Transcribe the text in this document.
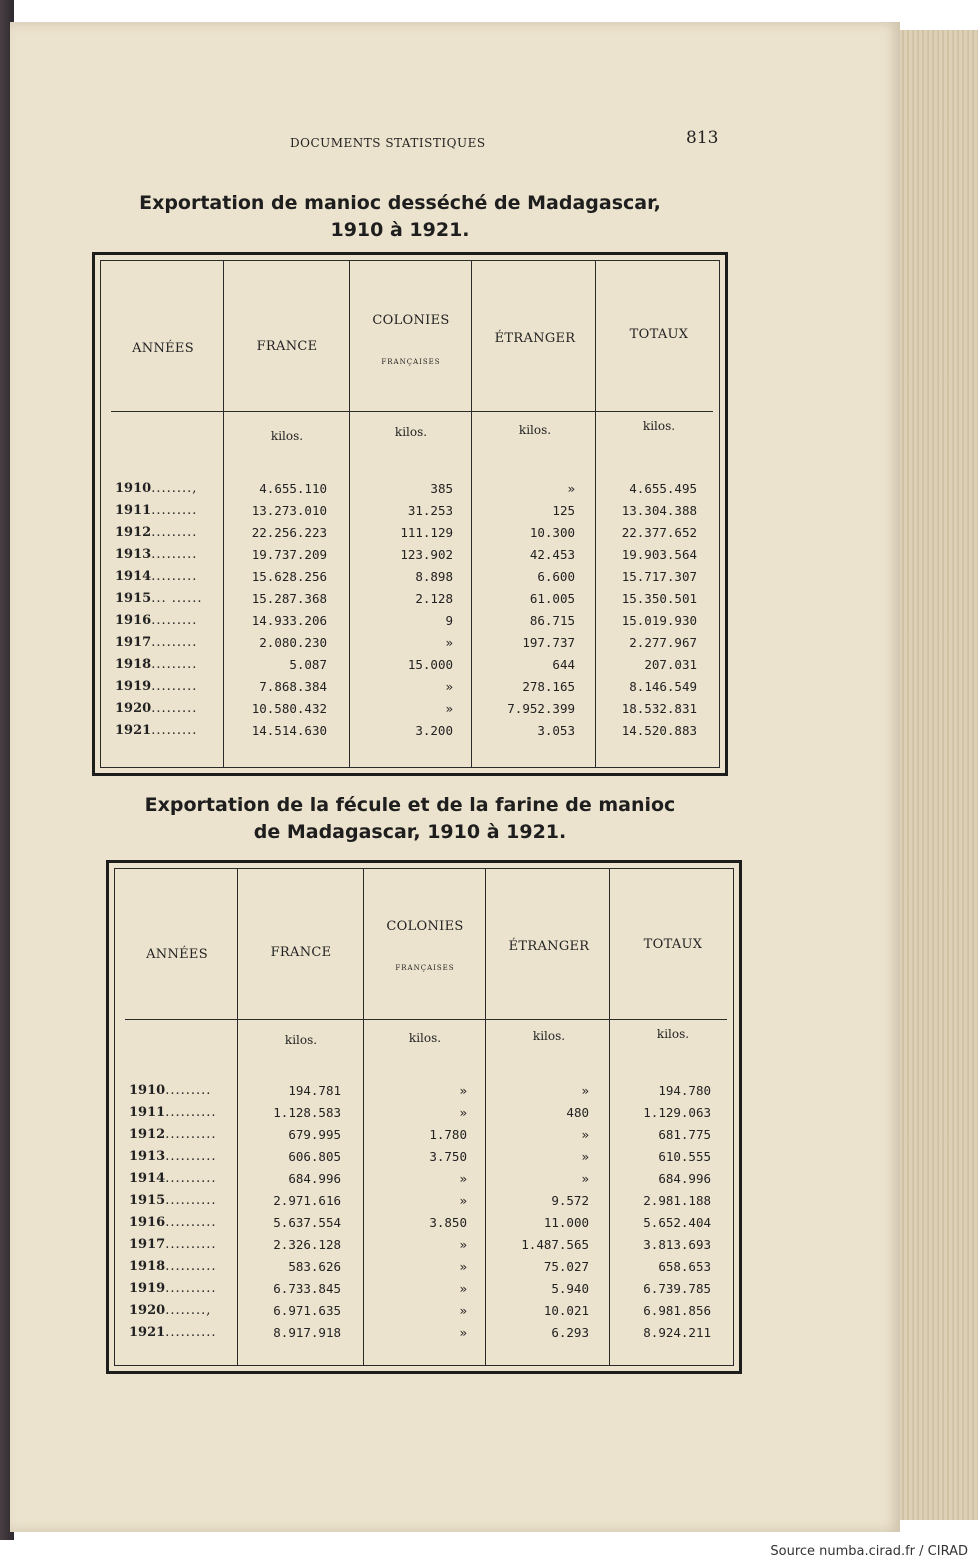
DOCUMENTS STATISTIQUES	813
Exportation de manioc desséché de Madagascar,
1910 à 1921.
ANNÉES	FRANCE
COLONIES
FRANÇAISES
ÉTRANGER	TOTAUX
kilos.	kilos.	kilos.	kilos.
1910........,	4.655.110	385	»	4.655.495
1911.........	13.273.010	31.253	125	13.304.388
1912.........	22.256.223	111.129	10.300	22.377.652
1913.........	19.737.209	123.902	42.453	19.903.564
1914.........	15.628.256	8.898	6.600	15.717.307
1915... ......	15.287.368	2.128	61.005	15.350.501
1916.........	14.933.206	9	86.715	15.019.930
1917.........	2.080.230	»	197.737	2.277.967
1918.........	5.087	15.000	644	207.031
1919.........	7.868.384	»	278.165	8.146.549
1920.........	10.580.432	»	7.952.399	18.532.831
1921.........	14.514.630	3.200	3.053	14.520.883
Exportation de la fécule et de la farine de manioc
de Madagascar, 1910 à 1921.
ANNÉES	FRANCE
COLONIES
FRANÇAISES
ÉTRANGER	TOTAUX
kilos.	kilos.	kilos.	kilos.
1910.........	194.781	»	»	194.780
1911..........	1.128.583	»	480	1.129.063
1912..........	679.995	1.780	»	681.775
1913..........	606.805	3.750	»	610.555
1914..........	684.996	»	»	684.996
1915..........	2.971.616	»	9.572	2.981.188
1916..........	5.637.554	3.850	11.000	5.652.404
1917..........	2.326.128	»	1.487.565	3.813.693
1918..........	583.626	»	75.027	658.653
1919..........	6.733.845	»	5.940	6.739.785
1920........,	6.971.635	»	10.021	6.981.856
1921..........	8.917.918	»	6.293	8.924.211
Source numba.cirad.fr / CIRAD
